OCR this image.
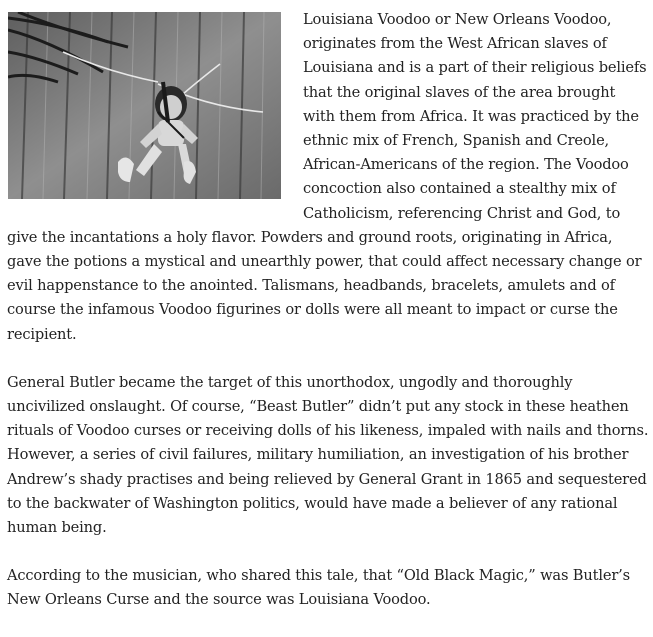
Louisiana Voodoo or New Orleans Voodoo, originates from the West African slaves of Louisiana and is a part of their religious beliefs that the original slaves of the area brought with them from Africa. It was practiced by the ethnic mix of French, Spanish and Creole, African-Americans of the region. The Voodoo concoction also contained a stealthy mix of Catholicism, referencing Christ and God, to give the incantations a holy flavor. Powders and ground roots, originating in Africa, gave the potions a mystical and unearthly power, that could affect necessary change or evil happenstance to the anointed. Talismans, headbands, bracelets, amulets and of course the infamous Voodoo figurines or dolls were all meant to impact or curse the recipient.

General Butler became the target of this unorthodox, ungodly and thoroughly uncivilized onslaught. Of course, “Beast Butler” didn’t put any stock in these heathen rituals of Voodoo curses or receiving dolls of his likeness, impaled with nails and thorns. However, a series of civil failures, military humiliation, an investigation of his brother Andrew’s shady practises and being relieved by General Grant in 1865 and sequestered to the backwater of Washington politics, would have made a believer of any rational human being.

According to the musician, who shared this tale, that “Old Black Magic,” was Butler’s New Orleans Curse and the source was Louisiana Voodoo.
